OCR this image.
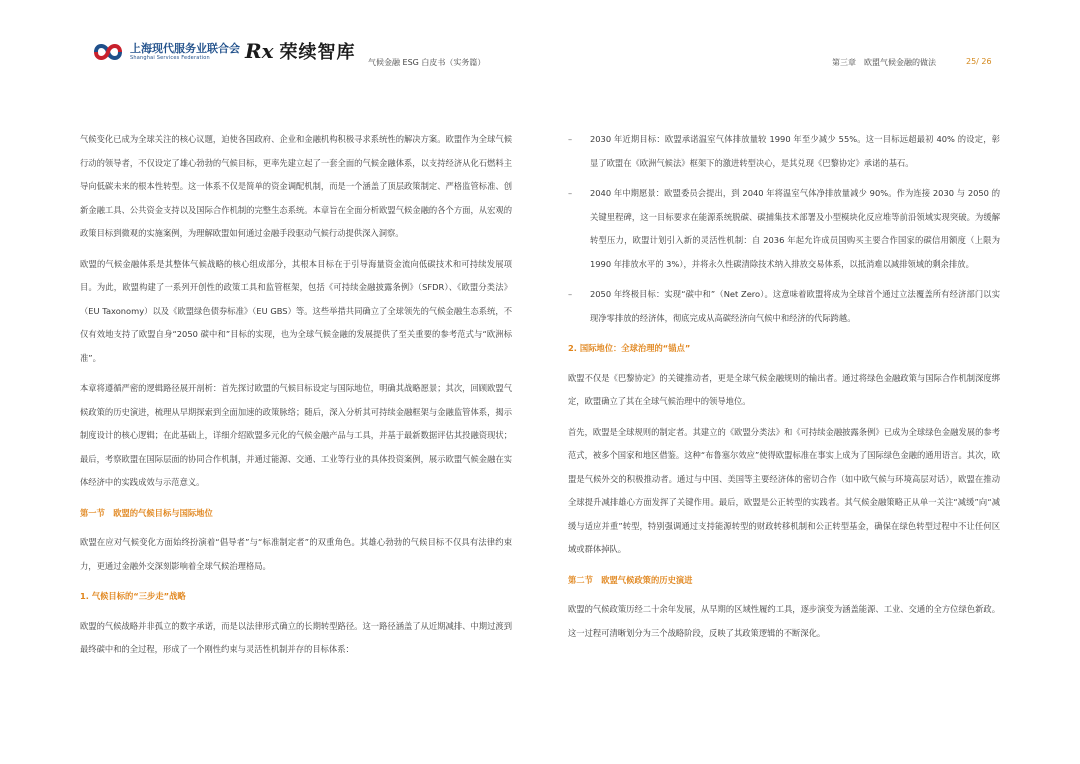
上海现代服务业联合会
Shanghai Services Federation	Rx 荣续智库 气候金融 ESG 白皮书（实务篇）	第三章　欧盟气候金融的做法	25/ 26

气候变化已成为全球关注的核心议题，迫使各国政府、企业和金融机构积极寻求系统性的解决方案。欧盟作为全球气候行动的领导者，不仅设定了雄心勃勃的气候目标，更率先建立起了一套全面的气候金融体系，以支持经济从化石燃料主导向低碳未来的根本性转型。这一体系不仅是简单的资金调配机制，而是一个涵盖了顶层政策制定、严格监管标准、创新金融工具、公共资金支持以及国际合作机制的完整生态系统。本章旨在全面分析欧盟气候金融的各个方面，从宏观的政策目标到微观的实施案例，为理解欧盟如何通过金融手段驱动气候行动提供深入洞察。

欧盟的气候金融体系是其整体气候战略的核心组成部分，其根本目标在于引导海量资金流向低碳技术和可持续发展项目。为此，欧盟构建了一系列开创性的政策工具和监管框架，包括《可持续金融披露条例》（SFDR）、《欧盟分类法》（EU Taxonomy）以及《欧盟绿色债券标准》（EU GBS）等。这些举措共同确立了全球领先的气候金融生态系统，不仅有效地支持了欧盟自身“2050 碳中和”目标的实现，也为全球气候金融的发展提供了至关重要的参考范式与“欧洲标准”。

本章将遵循严密的逻辑路径展开剖析：首先探讨欧盟的气候目标设定与国际地位，明确其战略愿景；其次，回顾欧盟气候政策的历史演进，梳理从早期探索到全面加速的政策脉络；随后，深入分析其可持续金融框架与金融监管体系，揭示制度设计的核心逻辑；在此基础上，详细介绍欧盟多元化的气候金融产品与工具，并基于最新数据评估其投融资现状；最后，考察欧盟在国际层面的协同合作机制，并通过能源、交通、工业等行业的具体投资案例，展示欧盟气候金融在实体经济中的实践成效与示范意义。

第一节　欧盟的气候目标与国际地位

欧盟在应对气候变化方面始终扮演着“倡导者”与“标准制定者”的双重角色。其雄心勃勃的气候目标不仅具有法律约束力，更通过金融外交深刻影响着全球气候治理格局。

1. 气候目标的“三步走”战略

欧盟的气候战略并非孤立的数字承诺，而是以法律形式确立的长期转型路径。这一路径涵盖了从近期减排、中期过渡到最终碳中和的全过程，形成了一个刚性约束与灵活性机制并存的目标体系：

–	2030 年近期目标：欧盟承诺温室气体排放量较 1990 年至少减少 55%。这一目标远超最初 40% 的设定，彰显了欧盟在《欧洲气候法》框架下的激进转型决心，是其兑现《巴黎协定》承诺的基石。
–	2040 年中期愿景：欧盟委员会提出，到 2040 年将温室气体净排放量减少 90%。作为连接 2030 与 2050 的关键里程碑，这一目标要求在能源系统脱碳、碳捕集技术部署及小型模块化反应堆等前沿领域实现突破。为缓解转型压力，欧盟计划引入新的灵活性机制：自 2036 年起允许成员国购买主要合作国家的碳信用额度（上限为 1990 年排放水平的 3%），并将永久性碳清除技术纳入排放交易体系，以抵消难以减排领域的剩余排放。
–	2050 年终极目标：实现“碳中和”（Net Zero）。这意味着欧盟将成为全球首个通过立法覆盖所有经济部门以实现净零排放的经济体，彻底完成从高碳经济向气候中和经济的代际跨越。

2. 国际地位：全球治理的“锚点”

欧盟不仅是《巴黎协定》的关键推动者，更是全球气候金融规则的输出者。通过将绿色金融政策与国际合作机制深度绑定，欧盟确立了其在全球气候治理中的领导地位。

首先，欧盟是全球规则的制定者。其建立的《欧盟分类法》和《可持续金融披露条例》已成为全球绿色金融发展的参考范式，被多个国家和地区借鉴。这种“布鲁塞尔效应”使得欧盟标准在事实上成为了国际绿色金融的通用语言。其次，欧盟是气候外交的积极推动者。通过与中国、美国等主要经济体的密切合作（如中欧气候与环境高层对话），欧盟在推动全球提升减排雄心方面发挥了关键作用。最后，欧盟是公正转型的实践者。其气候金融策略正从单一关注“减缓”向“减缓与适应并重”转型，特别强调通过支持能源转型的财政转移机制和公正转型基金，确保在绿色转型过程中不让任何区域或群体掉队。

第二节　欧盟气候政策的历史演进

欧盟的气候政策历经二十余年发展，从早期的区域性履约工具，逐步演变为涵盖能源、工业、交通的全方位绿色新政。这一过程可清晰划分为三个战略阶段，反映了其政策逻辑的不断深化。
